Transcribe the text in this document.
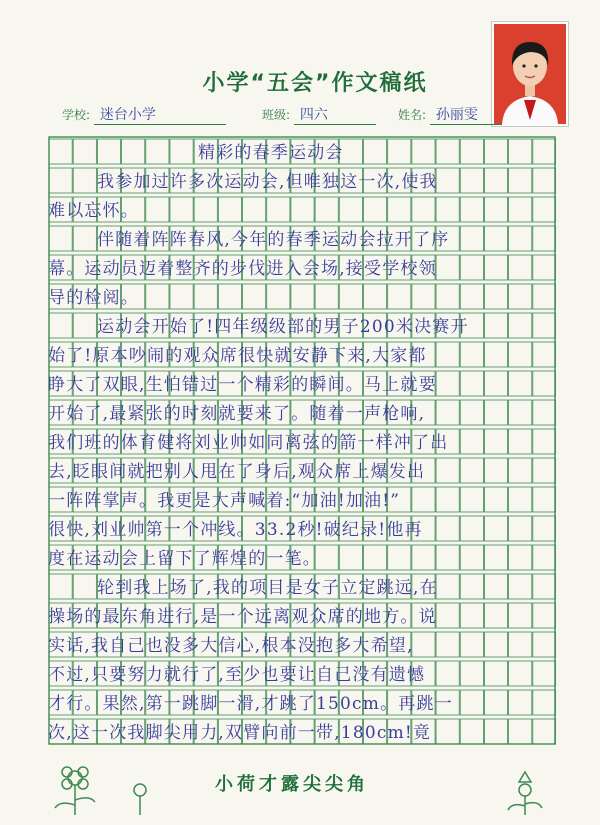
小学“五会”作文稿纸
学校: 迷台小学	班级: 四六	姓名: 孙丽雯
精彩的春季运动会
我参加过许多次运动会,但唯独这一次,使我
难以忘怀。
伴随着阵阵春风,今年的春季运动会拉开了序
幕。运动员迈着整齐的步伐进入会场,接受学校领
导的检阅。
运动会开始了!四年级级部的男子200米决赛开
始了!原本吵闹的观众席很快就安静下来,大家都
睁大了双眼,生怕错过一个精彩的瞬间。马上就要
开始了,最紧张的时刻就要来了。随着一声枪响,
我们班的体育健将刘业帅如同离弦的箭一样冲了出
去,眨眼间就把别人甩在了身后,观众席上爆发出
一阵阵掌声。我更是大声喊着:“加油!加油!”
很快,刘业帅第一个冲线。33.2秒!破纪录!他再
度在运动会上留下了辉煌的一笔。
轮到我上场了,我的项目是女子立定跳远,在
操场的最东角进行,是一个远离观众席的地方。说
实话,我自己也没多大信心,根本没抱多大希望,
不过,只要努力就行了,至少也要让自己没有遗憾
才行。果然,第一跳脚一滑,才跳了150cm。再跳一
次,这一次我脚尖用力,双臂向前一带,180cm!竟
小荷才露尖尖角
